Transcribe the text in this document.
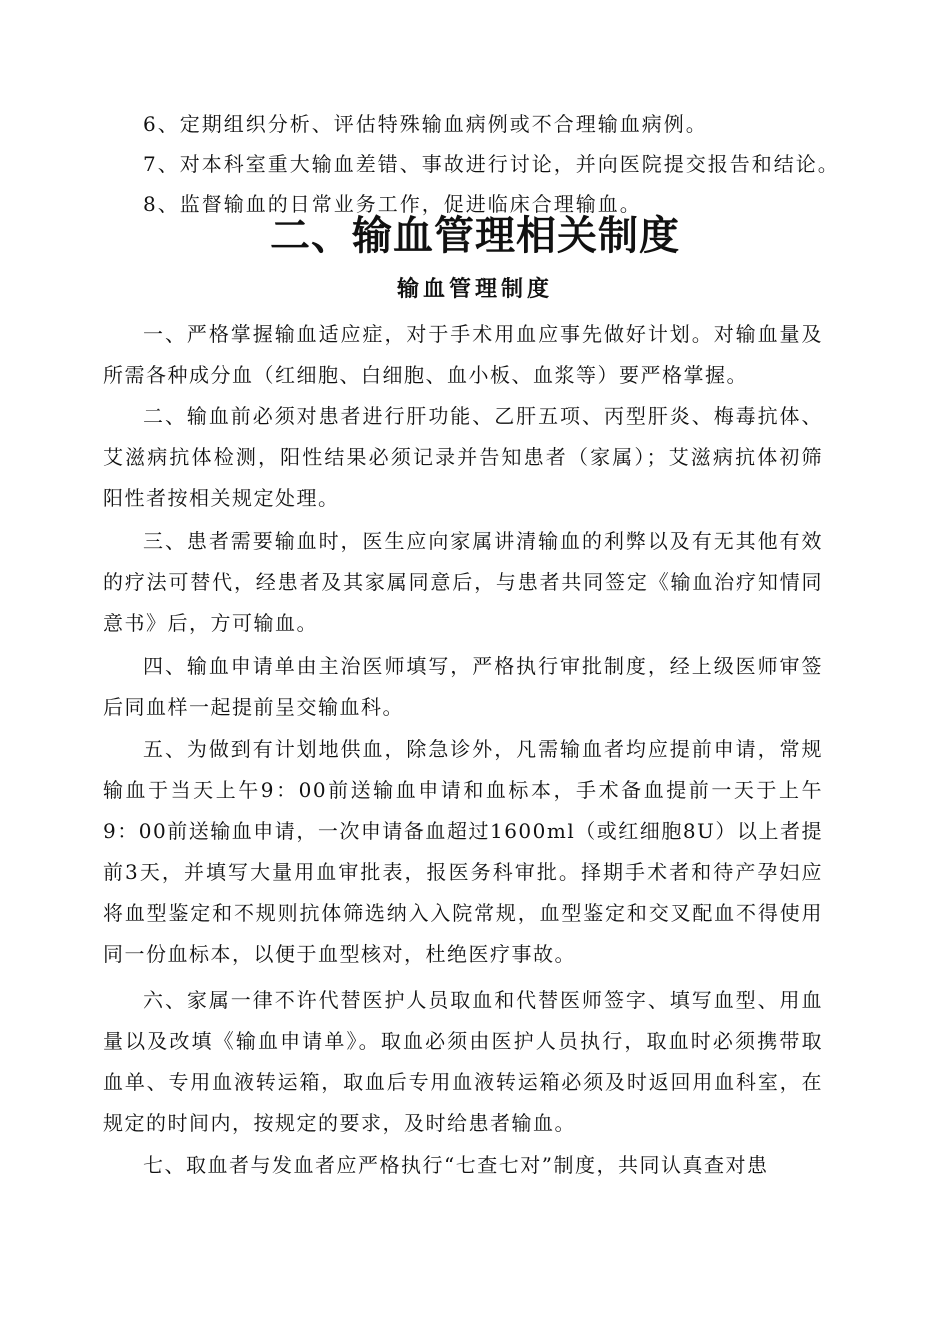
6、定期组织分析、评估特殊输血病例或不合理输血病例。
7、对本科室重大输血差错、事故进行讨论，并向医院提交报告和结论。
8、监督输血的日常业务工作，促进临床合理输血。
二、输血管理相关制度
输血管理制度

一、严格掌握输血适应症，对于手术用血应事先做好计划。对输血量及所需各种成分血（红细胞、白细胞、血小板、血浆等）要严格掌握。

二、输血前必须对患者进行肝功能、乙肝五项、丙型肝炎、梅毒抗体、艾滋病抗体检测，阳性结果必须记录并告知患者（家属）；艾滋病抗体初筛阳性者按相关规定处理。

三、患者需要输血时，医生应向家属讲清输血的利弊以及有无其他有效的疗法可替代，经患者及其家属同意后，与患者共同签定《输血治疗知情同意书》后，方可输血。

四、输血申请单由主治医师填写，严格执行审批制度，经上级医师审签后同血样一起提前呈交输血科。

五、为做到有计划地供血，除急诊外，凡需输血者均应提前申请，常规输血于当天上午9：00前送输血申请和血标本，手术备血提前一天于上午9：00前送输血申请，一次申请备血超过1600ml（或红细胞8U）以上者提前3天，并填写大量用血审批表，报医务科审批。择期手术者和待产孕妇应将血型鉴定和不规则抗体筛选纳入入院常规，血型鉴定和交叉配血不得使用同一份血标本，以便于血型核对，杜绝医疗事故。

六、家属一律不许代替医护人员取血和代替医师签字、填写血型、用血量以及改填《输血申请单》。取血必须由医护人员执行，取血时必须携带取血单、专用血液转运箱，取血后专用血液转运箱必须及时返回用血科室，在规定的时间内，按规定的要求，及时给患者输血。

七、取血者与发血者应严格执行“七查七对”制度，共同认真查对患
